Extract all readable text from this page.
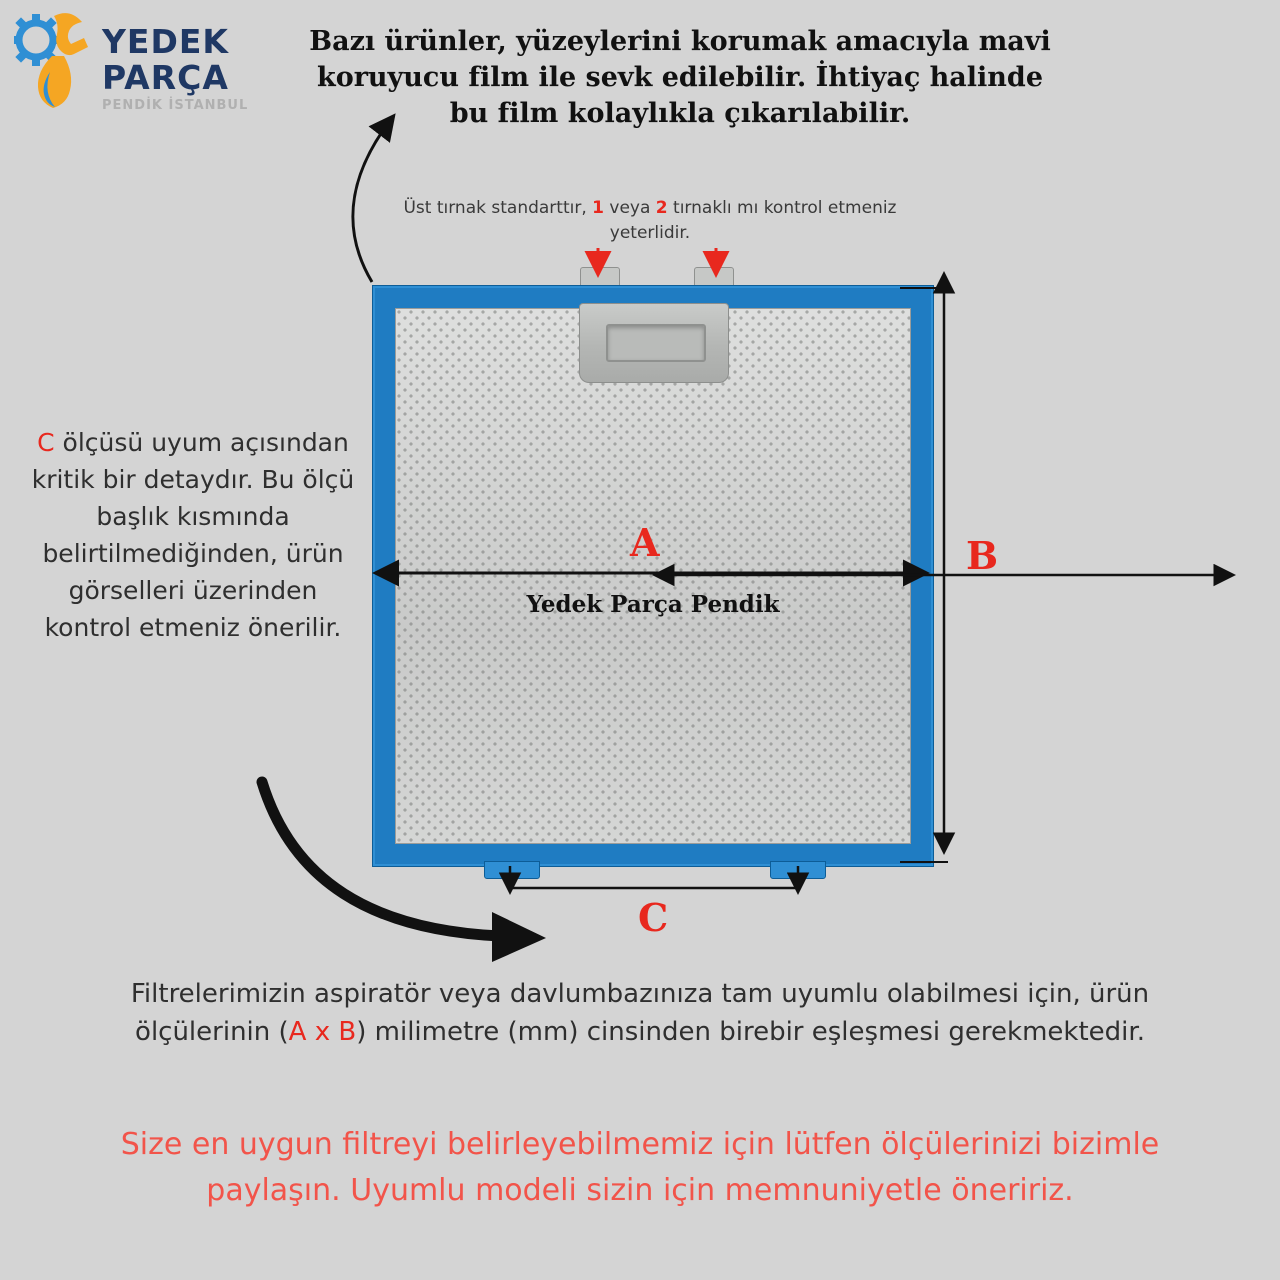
YEDEK
PARÇA
PENDİK İSTANBUL
Bazı ürünler, yüzeylerini korumak amacıyla mavi koruyucu film ile sevk edilebilir. İhtiyaç halinde bu film kolaylıkla çıkarılabilir.
Üst tırnak standarttır, 1 veya 2 tırnaklı mı kontrol etmeniz yeterlidir.
C ölçüsü uyum açısından kritik bir detaydır. Bu ölçü başlık kısmında belirtilmediğinden, ürün görselleri üzerinden kontrol etmeniz önerilir.
Yedek Parça Pendik
A	B
C
Filtrelerimizin aspiratör veya davlumbazınıza tam uyumlu olabilmesi için, ürün ölçülerinin (A x B) milimetre (mm) cinsinden birebir eşleşmesi gerekmektedir.
Size en uygun filtreyi belirleyebilmemiz için lütfen ölçülerinizi bizimle paylaşın. Uyumlu modeli sizin için memnuniyetle öneririz.
